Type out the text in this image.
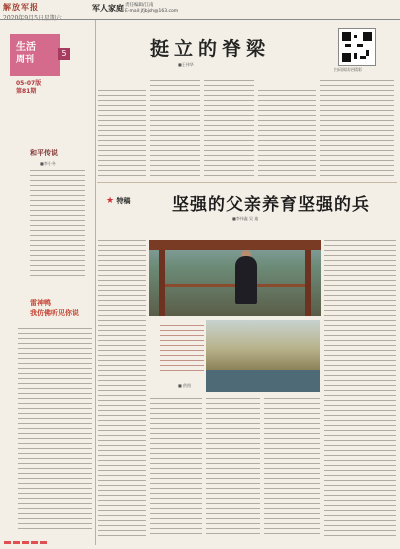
解放军报	军人家庭 责任编辑/江南
E-mail:jfjbjsh@163.com
生活
周刊
5
05-07版
第81期
和平传说
■李小冬
雷神鸭
我仿佛听见你说
挺立的脊梁
■王伟华
扫码阅读更精彩
★ 特稿 坚强的父亲养育坚强的兵
■李伟鑫 吴 迪
■ 供图
